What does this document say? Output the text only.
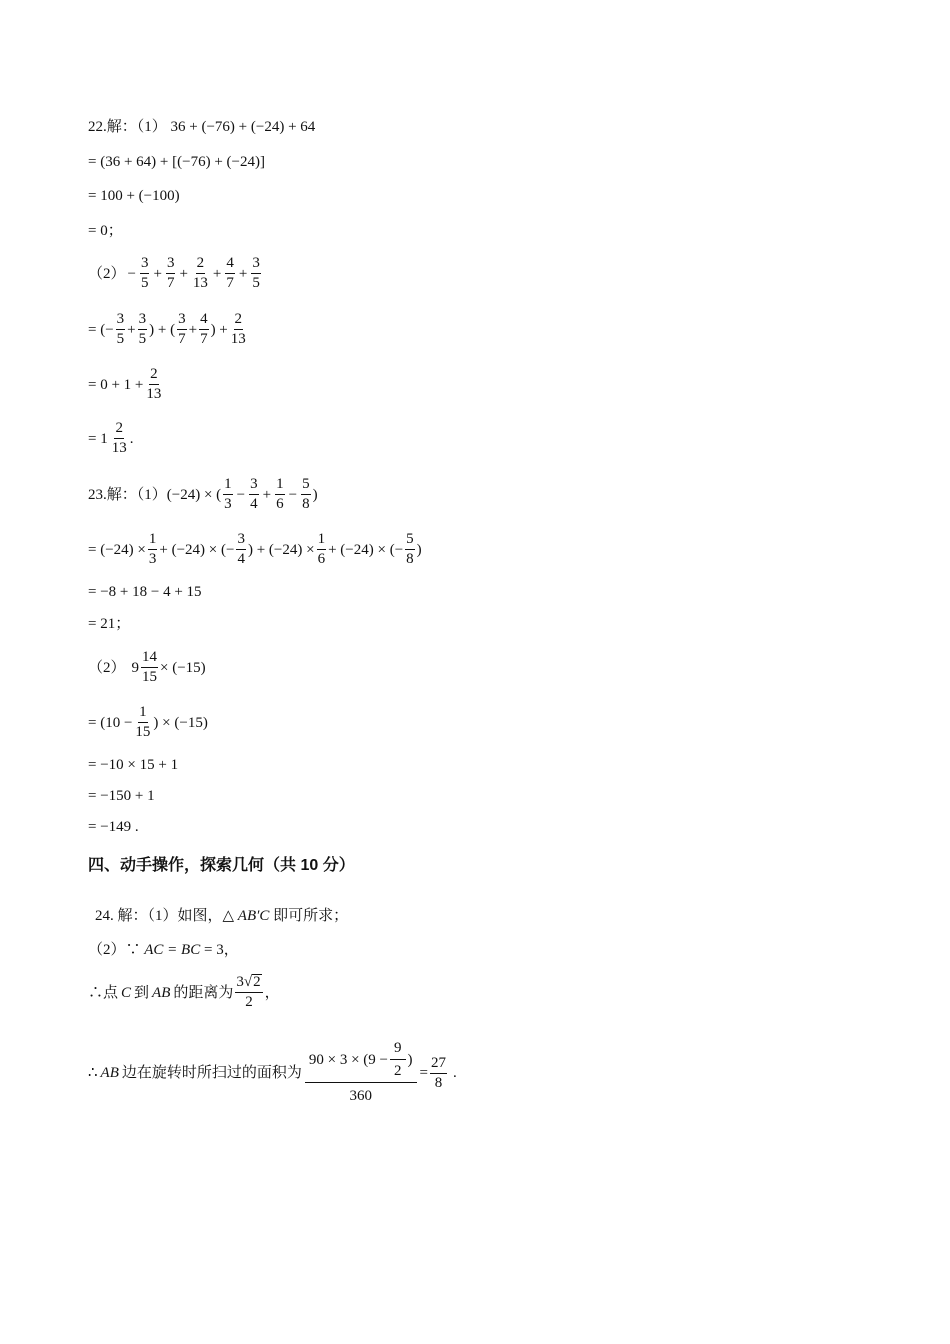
22.解：（1） 36 + (−76) + (−24) + 64
= (36 + 64) + [(−76) + (−24)]
= 100 + (−100)
= 0；
$(2) - \frac{3}{5} + \frac{3}{7} + \frac{2}{13} + \frac{4}{7} + \frac{3}{5}$
= (− $\frac{3}{5} + \frac{3}{5}$ ) + ( $\frac{3}{7} + \frac{4}{7}$ ) + $\frac{2}{13}$
= $0 + 1 + \frac{2}{13}$
= $1 \frac{2}{13}$ .
23.解：（1） (−24) × ( $\frac{1}{3} - \frac{3}{4} + \frac{1}{6} - \frac{5}{8}$ )
= $(-24) \times \frac{1}{3} + (-24)$ × (− $\frac{3}{4}$ ) + $(-24) \times \frac{1}{6} + (-24)$ × (− $\frac{5}{8}$ )
= −8 + 18 − 4 + 15
= 21；
（2） $9 \frac{14}{15} \times (-15)$
= ($10 - \frac{1}{15}$ ) × (−15)
= −10 × 15 + 1
= −150 + 1
= −149 .
四、动手操作，探索几何（共 10 分）
24. 解：（1）如图，△ AB′C 即可所求；
（2）∵ AC = BC = 3，
∴点 C 到 AB 的距离为 $\frac{3 √ 2}{2}$ ，
∴ AB 边在旋转时所扫过的面积为 $\frac{90 \times 3 \times (9 - \frac{9}{2} )}{360} = \frac{27}{8}$ .
